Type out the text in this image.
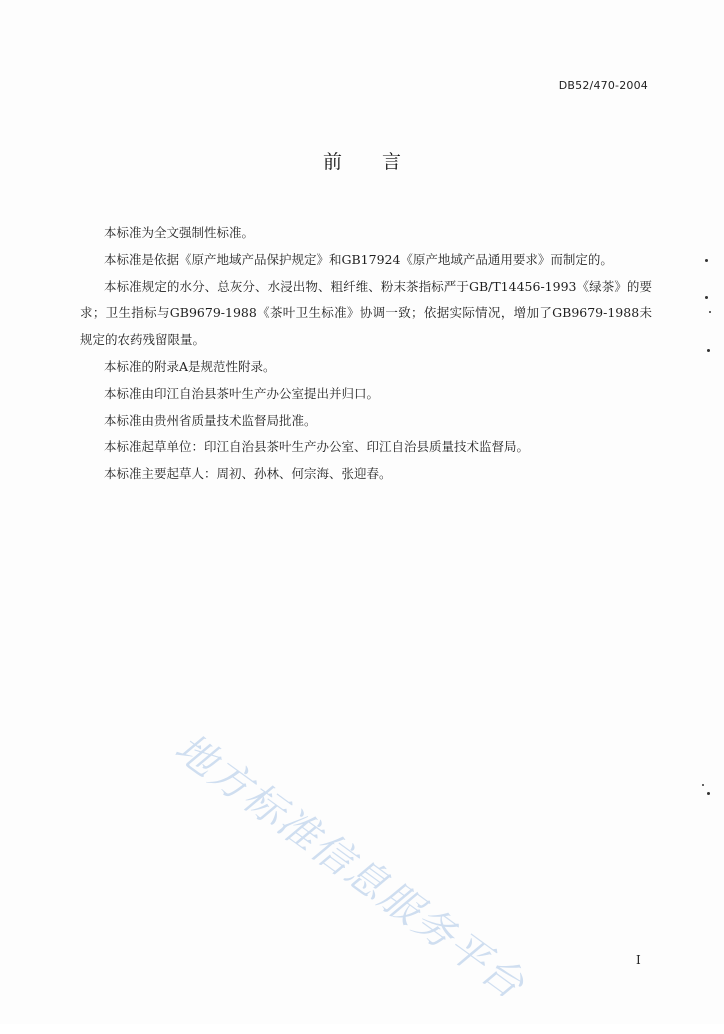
DB52/470-2004
前言

本标准为全文强制性标准。

本标准是依据《原产地域产品保护规定》和GB17924《原产地域产品通用要求》而制定的。

本标准规定的水分、总灰分、水浸出物、粗纤维、粉末茶指标严于GB/T14456-1993《绿茶》的要求；卫生指标与GB9679-1988《茶叶卫生标准》协调一致；依据实际情况，增加了GB9679-1988未规定的农药残留限量。

本标准的附录A是规范性附录。

本标准由印江自治县茶叶生产办公室提出并归口。

本标准由贵州省质量技术监督局批准。

本标准起草单位：印江自治县茶叶生产办公室、印江自治县质量技术监督局。

本标准主要起草人：周初、孙林、何宗海、张迎春。

地方标准信息服务平台	I
